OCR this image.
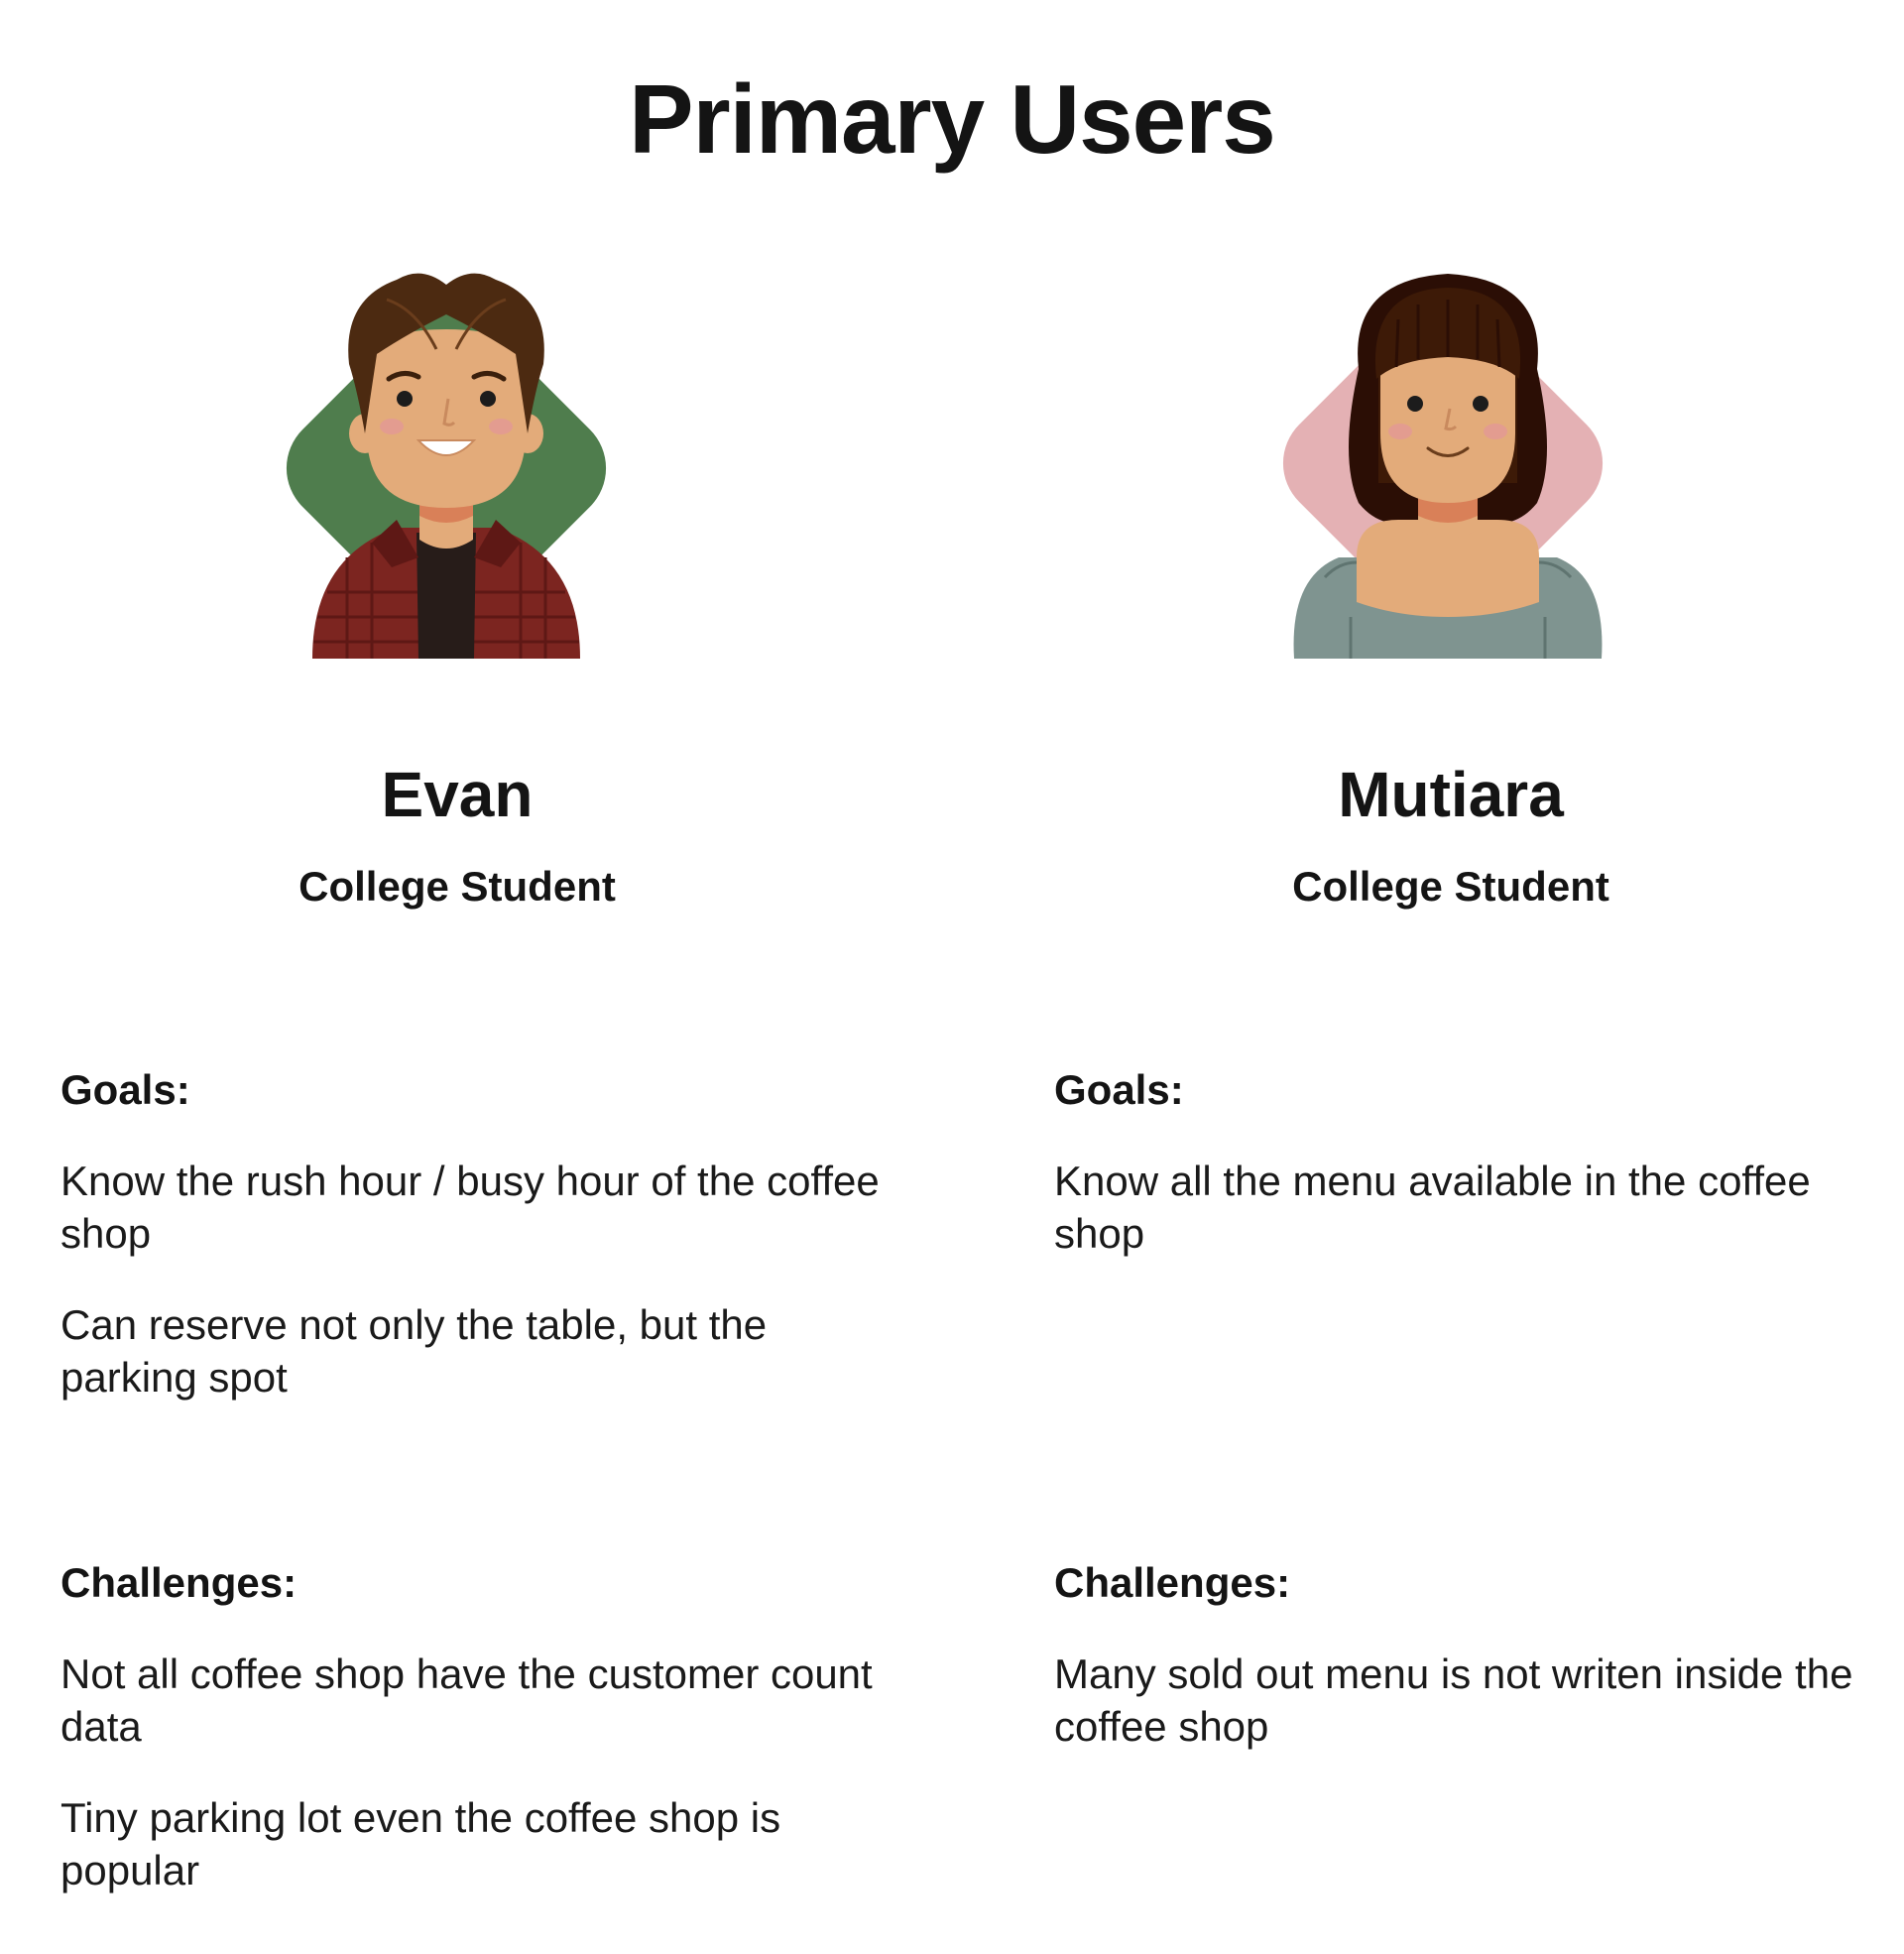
Primary Users
Evan

College Student

Mutiara

College Student

Goals:

Know the rush hour / busy hour of the coffee shop

Can reserve not only the table, but the parking spot

Goals:

Know all the menu available in the coffee shop

Challenges:

Not all coffee shop have the customer count data

Tiny parking lot even the coffee shop is popular

Challenges:

Many sold out menu is not writen inside the coffee shop
